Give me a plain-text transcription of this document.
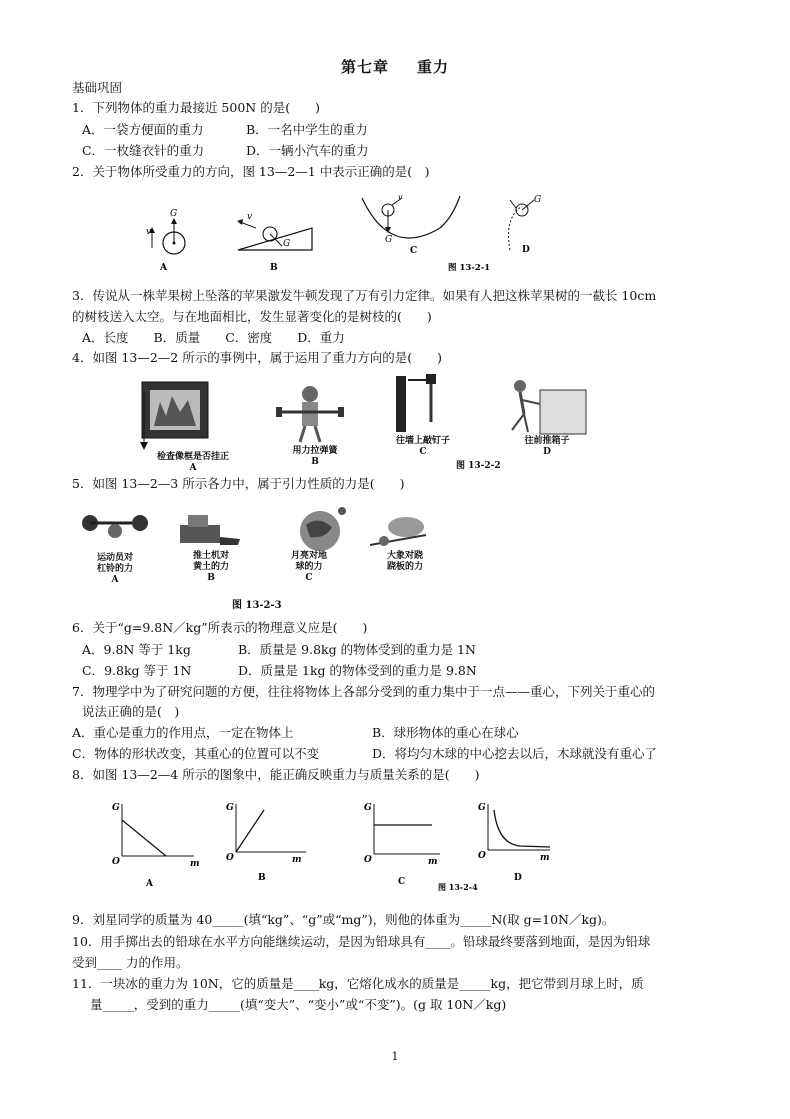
第七章 重力
基础巩固
1．下列物体的重力最接近 500N 的是(　　)
A．一袋方便面的重力	B．一名中学生的重力
C．一枚缝衣针的重力	D．一辆小汽车的重力
2．关于物体所受重力的方向，图 13—2—1 中表示正确的是(　)
v
G
A
v
G
B
v
G
C
G
D
图 13-2-1
3．传说从一株苹果树上坠落的苹果激发牛顿发现了万有引力定律。如果有人把这株苹果树的一截长 10cm
的树枝送入太空。与在地面相比，发生显著变化的是树枝的(　　)
A．长度　　B．质量　　C．密度　　D．重力
4．如图 13—2—2 所示的事例中，属于运用了重力方向的是(　　)
检查像框是否挂正
A
用力拉弹簧
B
往墙上敲钉子
C
往前推箱子
D
图 13-2-2
5．如图 13—2—3 所示各力中，属于引力性质的力是(　　)
运动员对
杠铃的力
A
推土机对
黄土的力
B
月亮对地
球的力
C
大象对跷
跷板的力
图 13-2-3
6．关于“g=9.8N／kg”所表示的物理意义应是(　　)
A．9.8N 等于 1kg	B．质量是 9.8kg 的物体受到的重力是 1N
C．9.8kg 等于 1N	D．质量是 1kg 的物体受到的重力是 9.8N
7．物理学中为了研究问题的方便，往往将物体上各部分受到的重力集中于一点——重心，下列关于重心的
说法正确的是(　)
A．重心是重力的作用点，一定在物体上	B．球形物体的重心在球心
C．物体的形状改变，其重心的位置可以不变	D．将均匀木球的中心挖去以后，木球就没有重心了
8．如图 13—2—4 所示的图象中，能正确反映重力与质量关系的是(　　)
G
O	m
A
G
O	m
B
G
O	m
C
G
O	m
D
图 13-2-4
9．刘星同学的质量为 40_____(填“kg”、“g”或“mg”)，则他的体重为_____N(取 g=10N／kg)。
10．用手掷出去的铅球在水平方向能继续运动，是因为铅球具有____。铅球最终要落到地面，是因为铅球
受到____ 力的作用。
11．一块冰的重力为 10N，它的质量是____kg，它熔化成水的质量是_____kg，把它带到月球上时，质
量_____，受到的重力_____(填“变大”、“变小”或“不变”)。(g 取 10N／kg)
1
